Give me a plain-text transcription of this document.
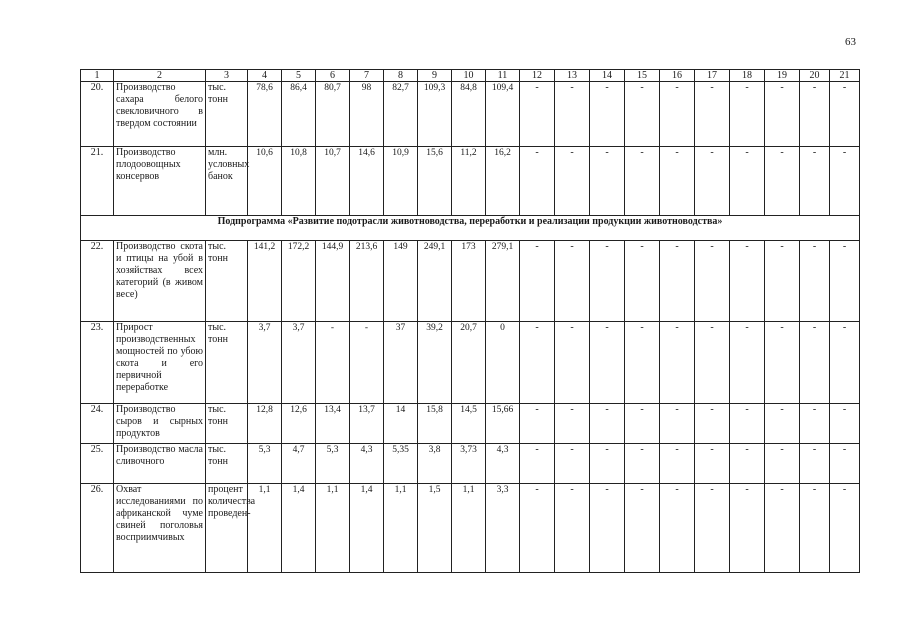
63
1	2	3	4	5	6	7	8	9	10	11	12	13	14	15	16	17	18	19	20	21
20.	Производство сахара белого свекловичного в твердом состоянии	тыс. тонн	78,6	86,4	80,7	98	82,7	109,3	84,8	109,4	-	-	-	-	-	-	-	-	-	-
21.	Производство плодоовощных консервов	млн. условных банок	10,6	10,8	10,7	14,6	10,9	15,6	11,2	16,2	-	-	-	-	-	-	-	-	-	-
Подпрограмма «Развитие подотрасли животноводства, переработки и реализации продукции животноводства»																				
22.	Производство скота и птицы на убой в хозяйствах всех категорий (в живом весе)	тыс. тонн	141,2	172,2	144,9	213,6	149	249,1	173	279,1	-	-	-	-	-	-	-	-	-	-
23.	Прирост производственных мощностей по убою скота и его первичной переработке	тыс. тонн	3,7	3,7	-	-	37	39,2	20,7	0	-	-	-	-	-	-	-	-	-	-
24.	Производство сыров и сырных продуктов	тыс. тонн	12,8	12,6	13,4	13,7	14	15,8	14,5	15,66	-	-	-	-	-	-	-	-	-	-
25.	Производство масла сливочного	тыс. тонн	5,3	4,7	5,3	4,3	5,35	3,8	3,73	4,3	-	-	-	-	-	-	-	-	-	-
26.	Охват исследованиями по африканской чуме свиней поголовья восприимчивых	процент количества проведен-	1,1	1,4	1,1	1,4	1,1	1,5	1,1	3,3	-	-	-	-	-	-	-	-	-	-
